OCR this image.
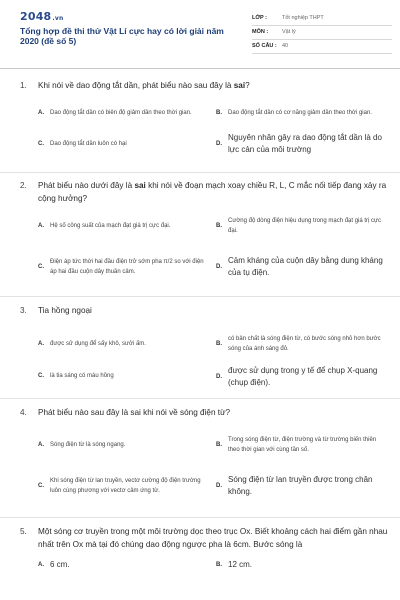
2048.vn
Tổng hợp đề thi thử Vật Lí cực hay có lời giải năm 2020 (đề số 5)
LỚP :	Tốt nghiệp THPT
MÔN :	Vật lý
SỐ CÂU : 40
1.	Khi nói về dao động tắt dần, phát biểu nào sau đây là sai?
A.	Dao động tắt dần có biên độ giảm dần theo thời gian.	B.	Dao động tắt dần có cơ năng giảm dần theo thời gian.
C.	Dao động tắt dần luôn có hại	D.
Nguyên nhân gây ra dao động tắt dần là do lực cản của môi trường
2.	Phát biểu nào dưới đây là sai khi nói về đoạn mạch xoay chiều R, L, C mắc nối tiếp đang xảy ra cộng hưởng?
A.	Hệ số công suất của mạch đạt giá trị cực đại.	B.
Cường độ dòng điện hiệu dụng trong mạch đạt giá trị cực đại.
C.
Điện áp tức thời hai đầu điện trở sớm pha π/2 so với điện áp hai đầu cuộn dây thuần cảm.
D.
Cảm kháng của cuộn dây bằng dung kháng của tụ điện.
3.	Tia hồng ngoại
A.	được sử dụng để sấy khô, sưởi ấm.	B.
có bản chất là sóng điện từ, có bước sóng nhỏ hơn bước sóng của ánh sáng đỏ.
C.	là tia sáng có màu hồng	D.
được sử dụng trong y tế để chụp X-quang (chụp điện).
4.	Phát biểu nào sau đây là sai khi nói về sóng điện từ?
A.	Sóng điện từ là sóng ngang.	B.
Trong sóng điện từ, điện trường và từ trường biến thiên theo thời gian với cùng tần số.
C.
Khi sóng điện từ lan truyền, vectơ cường độ điện trường luôn cùng phương với vectơ cảm ứng từ.
D.
Sóng điện từ lan truyền được trong chân không.
5.	Một sóng cơ truyền trong một môi trường dọc theo trục Ox. Biết khoảng cách hai điểm gần nhau nhất trên Ox mà tại đó chúng dao động ngược pha là 6cm. Bước sóng là
A. 6 cm.	B. 12 cm.
